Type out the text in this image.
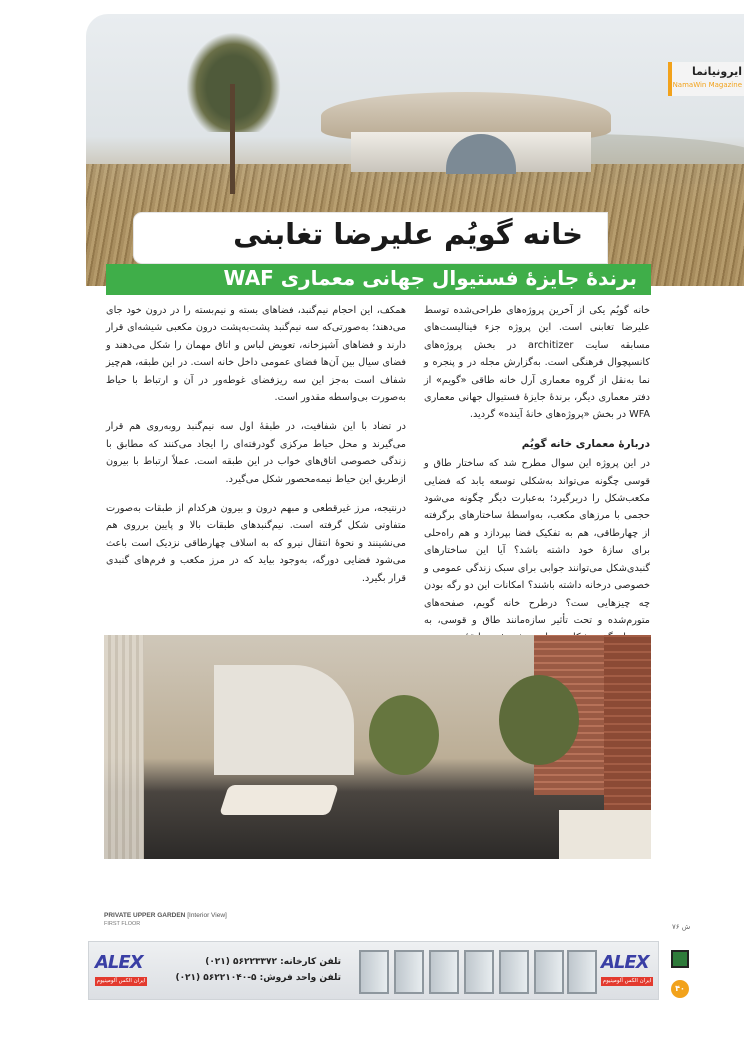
ایرونیا‌نما
NamaWin Magazine
خانه گویُم علیرضا تغابنی
برندۀ جایزۀ فستیوال جهانی معماری WAF

خانه گویُم یکی از آخرین پروژه‌های طراحی‌شده توسط علیرضا تغابنی است. این پروژه جزء فینالیست‌های مسابقه سایت architizer در بخش پروژه‌های کانسپچوال فرهنگی است. به‌گزارش مجله در و پنجره و نما به‌نقل از گروه معماری آرل خانه طاقی «گویم» از دفتر معماری دیگر، برندۀ جایزۀ فستیوال جهانی معماری WFA در بخش «پروژه‌های خانۀ آینده» گردید.

دربارۀ معماری خانه گویُم

در این پروژه این سوال مطرح شد که ساختار طاق و قوسی چگونه می‌تواند به‌شکلی توسعه یابد که فضایی مکعب‌شکل را دربرگیرد؛ به‌عبارت دیگر چگونه می‌شود حجمی با مرزهای مکعب، به‌واسطۀ ساختارهای برگرفته از چهارطاقی، هم به تفکیک فضا بپردازد و هم راه‌حلی برای سازۀ خود داشته باشد؟ آیا این ساختارهای گنبدی‌شکل می‌توانند جوابی برای سبک زندگی عمومی و خصوصی درخانه داشته باشند؟ امکانات این دو رگه بودن چه چیزهایی ست؟ درطرح خانه گویم، صفحه‌های متورم‌شده و تحت تأثیر سازه‌مانند طاق و قوسی، به

همکف، این احجام نیم‌گنبد، فضاهای بسته و نیم‌بسته را در درون خود جای می‌دهند؛ به‌صورتی‌که سه نیم‌گنبد پشت‌به‌پشت درون مکعبی شیشه‌ای قرار دارند و فضاهای آشپزخانه، تعویض لباس و اتاق مهمان را شکل می‌دهند و فضای سیال بین آن‌ها فضای عمومی داخل خانه است. در این طبقه، هم‌چیز شفاف است به‌جز این سه ریزفضای غوطه‌ور در آن و ارتباط با حیاط به‌صورت بی‌واسطه مقدور است.

در تضاد با این شفافیت، در طبقۀ اول سه نیم‌گنبد روبه‌روی هم قرار می‌گیرند و محل حیاط مرکزی گودرفته‌ای را ایجاد می‌کنند که مطابق با زندگی خصوصی اتاق‌های خواب در این طبقه است. عملاً ارتباط با بیرون ازطریق این حیاط نیمه‌محصور شکل می‌گیرد.

درنتیجه، مرز غیرقطعی و مبهم درون و بیرون هرکدام از طبقات به‌صورت متفاوتی شکل گرفته است. نیم‌گنبدهای طبقات بالا و پایین برروی هم می‌نشینند و نحوۀ انتقال نیرو که به اسلاف چهارطاقی نزدیک است باعث می‌شود فضایی دورگه، به‌وجود بیاید که در مرز مکعب و فرم‌های گنبدی قرار بگیرد.

PRIVATE UPPER GARDEN [Interior View]
FIRST FLOOR
ALEX
ایران الکس آلومینیوم
تلفن کارخانه: ۵۶۲۲۳۳۷۲ (۰۲۱)
تلفن واحد فروش: ۵-۵۶۲۲۱۰۴۰ (۰۲۱)
ALEX
ایران الکس آلومینیوم
ش ۷۶
۴۰
